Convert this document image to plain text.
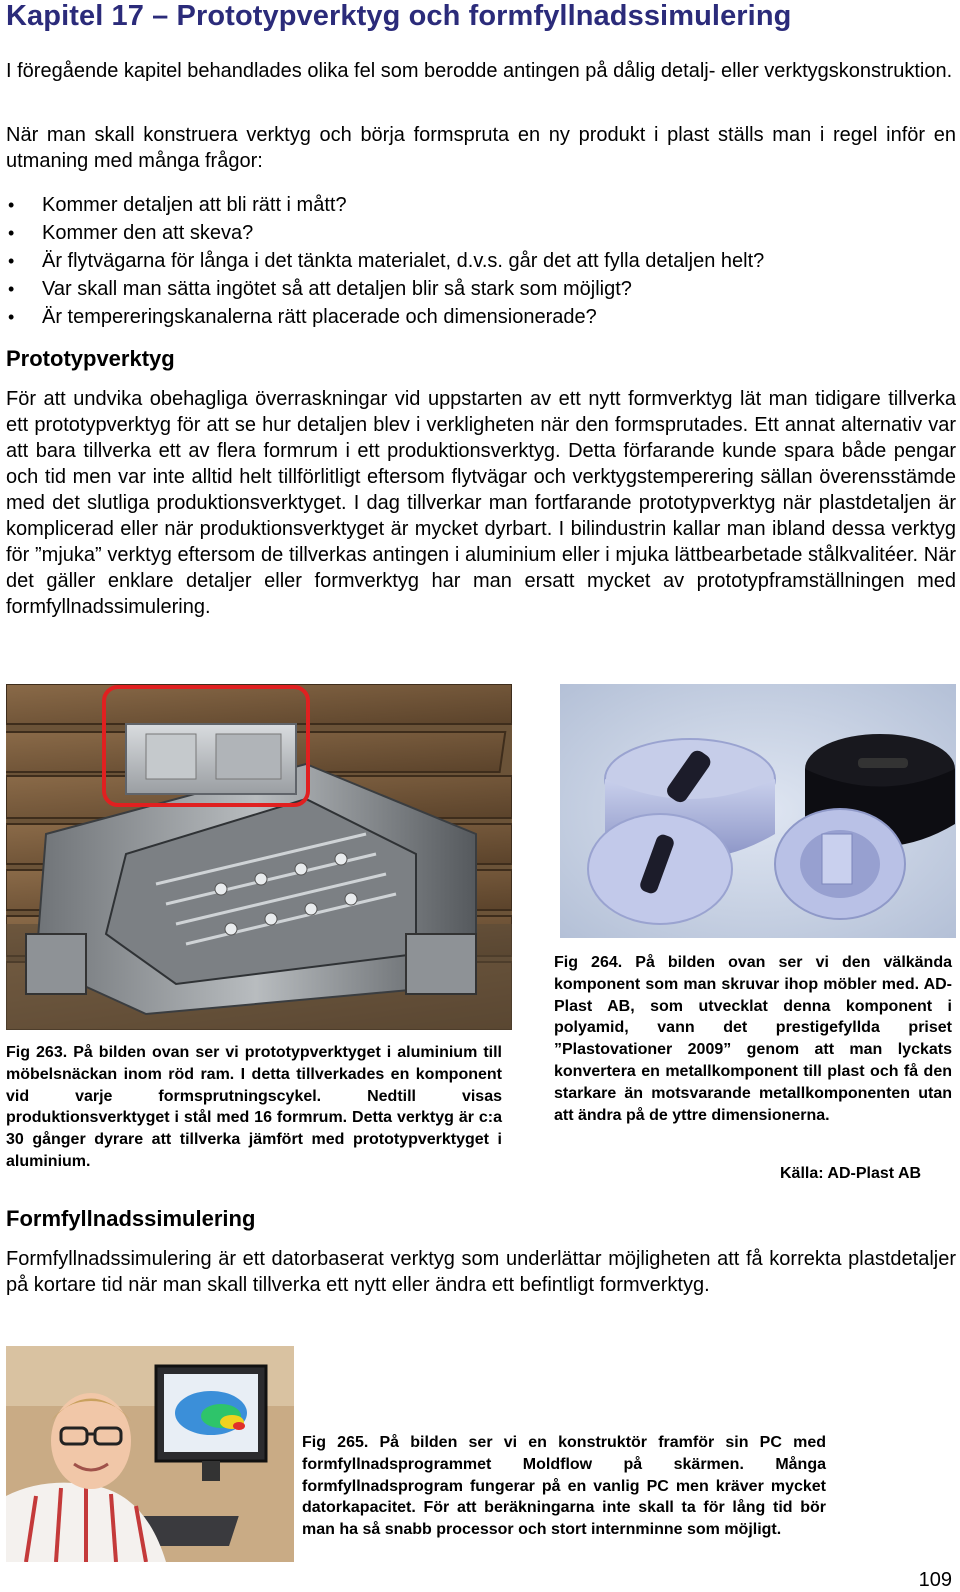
Kapitel 17 – Prototypverktyg och formfyllnadssimulering

I föregående kapitel behandlades olika fel som berodde antingen på dålig detalj- eller verktygskonstruktion.

När man skall konstruera verktyg och börja formspruta en ny produkt i plast ställs man i regel inför en utmaning med många frågor:

• Kommer detaljen att bli rätt i mått?
• Kommer den att skeva?
• Är flytvägarna för långa i det tänkta materialet, d.v.s. går det att fylla detaljen helt?
• Var skall man sätta ingötet så att detaljen blir så stark som möjligt?
• Är tempereringskanalerna rätt placerade och dimensionerade?
Prototypverktyg

För att undvika obehagliga överraskningar vid uppstarten av ett nytt formverktyg lät man tidigare tillverka ett prototypverktyg för att se hur detaljen blev i verkligheten när den formsprutades. Ett annat alternativ var att bara tillverka ett av flera formrum i ett produktionsverktyg. Detta förfarande kunde spara både pengar och tid men var inte alltid helt tillförlitligt eftersom flytvägar och verktygstemperering sällan överensstämde med det slutliga produktionsverktyget. I dag tillverkar man fortfarande prototypverktyg när plastdetaljen är komplicerad eller när produktionsverktyget är mycket dyrbart. I bilindustrin kallar man ibland dessa verktyg för ”mjuka” verktyg eftersom de tillverkas antingen i aluminium eller i mjuka lättbearbetade stålkvalitéer. När det gäller enklare detaljer eller formverktyg har man ersatt mycket av prototypframställningen med formfyllnadssimulering.

Fig 263. På bilden ovan ser vi prototypverktyget i aluminium till möbelsnäckan inom röd ram. I detta tillverkades en komponent vid varje formsprutningscykel. Nedtill visas produktionsverktyget i stål med 16 formrum. Detta verktyg är c:a 30 gånger dyrare att tillverka jämfört med prototypverktyget i aluminium.

Fig 264. På bilden ovan ser vi den välkända komponent som man skruvar ihop möbler med. AD-Plast AB, som utvecklat denna komponent i polyamid, vann det prestigefyllda priset ”Plastovationer 2009” genom att man lyckats konvertera en metallkomponent till plast och få den starkare än motsvarande metallkomponenten utan att ändra på de yttre dimensionerna.

Källa: AD-Plast AB
Formfyllnadssimulering

Formfyllnadssimulering är ett datorbaserat verktyg som underlättar möjligheten att få korrekta plastdetaljer på kortare tid när man skall tillverka ett nytt eller ändra ett befintligt formverktyg.

Fig 265. På bilden ser vi en konstruktör framför sin PC med formfyllnadsprogrammet Moldflow på skärmen. Många formfyllnadsprogram fungerar på en vanlig PC men kräver mycket datorkapacitet. För att beräkningarna inte skall ta för lång tid bör man ha så snabb processor och stort internminne som möjligt.

109
